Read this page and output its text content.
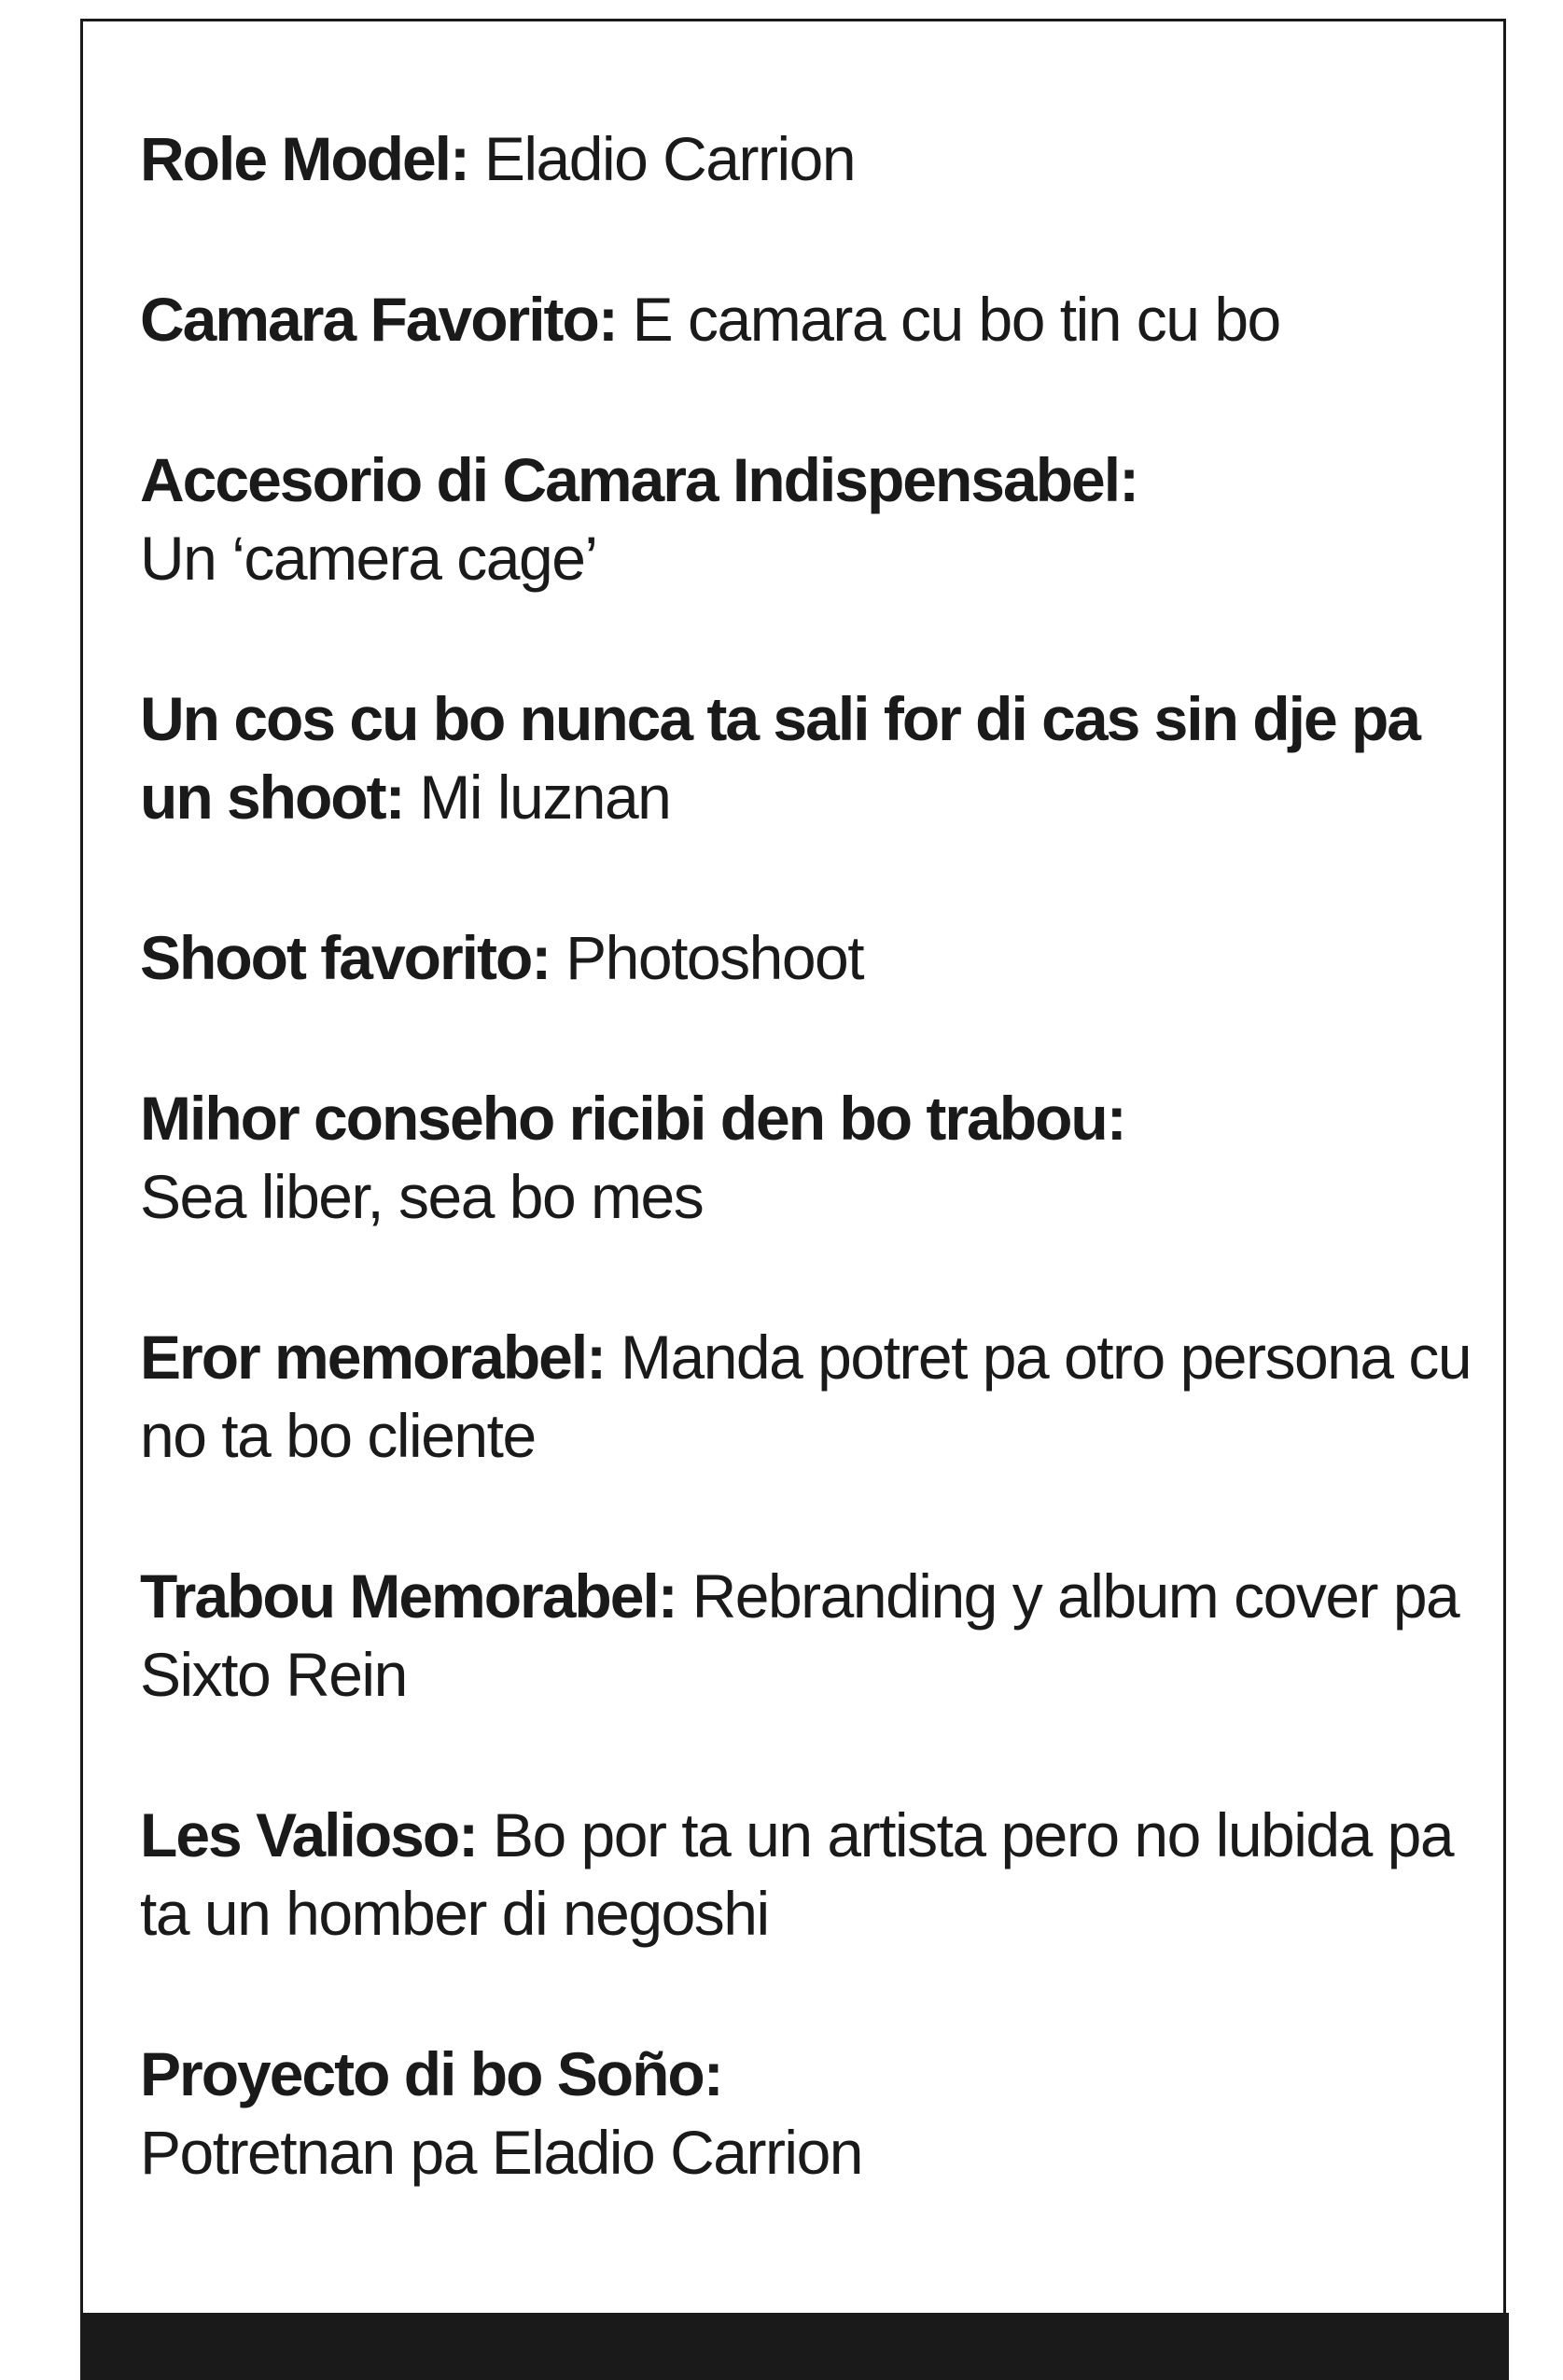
Role Model: Eladio Carrion
Camara Favorito: E camara cu bo tin cu bo
Accesorio di Camara Indispensabel:
Un ‘camera cage’
Un cos cu bo nunca ta sali for di cas sin dje pa un shoot: Mi luznan
Shoot favorito: Photoshoot
Mihor conseho ricibi den bo trabou:
Sea liber, sea bo mes
Eror memorabel: Manda potret pa otro persona cu no ta bo cliente
Trabou Memorabel: Rebranding y album cover pa Sixto Rein
Les Valioso: Bo por ta un artista pero no lubida pa ta un homber di negoshi
Proyecto di bo Soño:
Potretnan pa Eladio Carrion
